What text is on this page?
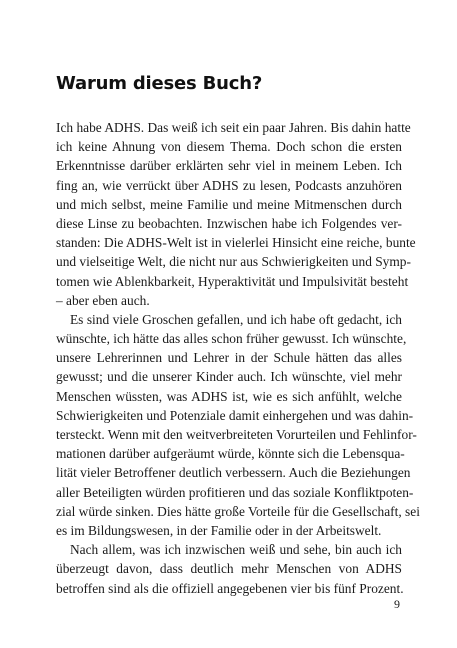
Warum dieses Buch?
Ich habe ADHS. Das weiß ich seit ein paar Jahren. Bis dahin hatte
ich keine Ahnung von diesem Thema. Doch schon die ersten
Erkenntnisse darüber erklärten sehr viel in meinem Leben. Ich
fing an, wie verrückt über ADHS zu lesen, Podcasts anzuhören
und mich selbst, meine Familie und meine Mitmenschen durch
diese Linse zu beobachten. Inzwischen habe ich Folgendes ver-
standen: Die ADHS-Welt ist in vielerlei Hinsicht eine reiche, bunte
und vielseitige Welt, die nicht nur aus Schwierigkeiten und Symp-
tomen wie Ablenkbarkeit, Hyperaktivität und Impulsivität besteht
– aber eben auch.
Es sind viele Groschen gefallen, und ich habe oft gedacht, ich
wünschte, ich hätte das alles schon früher gewusst. Ich wünschte,
unsere Lehrerinnen und Lehrer in der Schule hätten das alles
gewusst; und die unserer Kinder auch. Ich wünschte, viel mehr
Menschen wüssten, was ADHS ist, wie es sich anfühlt, welche
Schwierigkeiten und Potenziale damit einhergehen und was dahin-
tersteckt. Wenn mit den weitverbreiteten Vorurteilen und Fehlinfor-
mationen darüber aufgeräumt würde, könnte sich die Lebensqua-
lität vieler Betroffener deutlich verbessern. Auch die Beziehungen
aller Beteiligten würden profitieren und das soziale Konfliktpoten-
zial würde sinken. Dies hätte große Vorteile für die Gesellschaft, sei
es im Bildungswesen, in der Familie oder in der Arbeitswelt.
Nach allem, was ich inzwischen weiß und sehe, bin auch ich
überzeugt davon, dass deutlich mehr Menschen von ADHS
betroffen sind als die offiziell angegebenen vier bis fünf Prozent.
9
